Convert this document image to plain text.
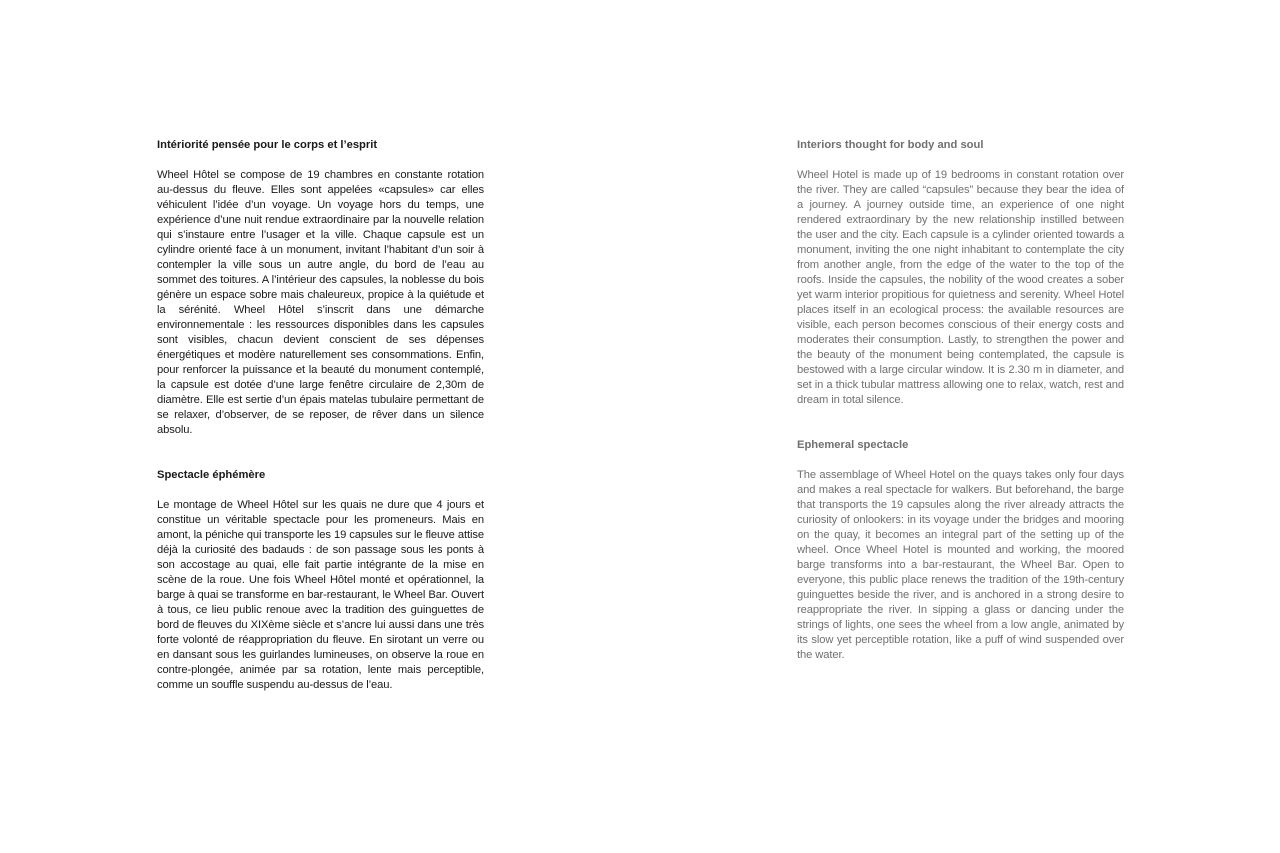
Intériorité pensée pour le corps et l’esprit

Wheel Hôtel se compose de 19 chambres en constante rotation au-dessus du fleuve. Elles sont appelées «capsules» car elles véhiculent l’idée d’un voyage. Un voyage hors du temps, une expérience d’une nuit rendue extraordinaire par la nouvelle relation qui s’instaure entre l’usager et la ville. Chaque capsule est un cylindre orienté face à un monument, invitant l’habitant d’un soir à contempler la ville sous un autre angle, du bord de l’eau au sommet des toitures. A l’intérieur des capsules, la noblesse du bois génère un espace sobre mais chaleureux, propice à la quiétude et la sérénité. Wheel Hôtel s’inscrit dans une démarche environnementale : les ressources disponibles dans les capsules sont visibles, chacun devient conscient de ses dépenses énergétiques et modère naturellement ses consommations. Enfin, pour renforcer la puissance et la beauté du monument contemplé, la capsule est dotée d’une large fenêtre circulaire de 2,30m de diamètre. Elle est sertie d’un épais matelas tubulaire permettant de se relaxer, d’observer, de se reposer, de rêver dans un silence absolu.

Spectacle éphémère

Le montage de Wheel Hôtel sur les quais ne dure que 4 jours et constitue un véritable spectacle pour les promeneurs. Mais en amont, la péniche qui transporte les 19 capsules sur le fleuve attise déjà la curiosité des badauds : de son passage sous les ponts à son accostage au quai, elle fait partie intégrante de la mise en scène de la roue. Une fois Wheel Hôtel monté et opérationnel, la barge à quai se transforme en bar-restaurant, le Wheel Bar. Ouvert à tous, ce lieu public renoue avec la tradition des guinguettes de bord de fleuves du XIXème siècle et s’ancre lui aussi dans une très forte volonté de réappropriation du fleuve. En sirotant un verre ou en dansant sous les guirlandes lumineuses, on observe la roue en contre-plongée, animée par sa rotation, lente mais perceptible, comme un souffle suspendu au-dessus de l’eau.

Interiors thought for body and soul

Wheel Hotel is made up of 19 bedrooms in constant rotation over the river. They are called “capsules” because they bear the idea of a journey. A journey outside time, an experience of one night rendered extraordinary by the new relationship instilled between the user and the city. Each capsule is a cylinder oriented towards a monument, inviting the one night inhabitant to contemplate the city from another angle, from the edge of the water to the top of the roofs. Inside the capsules, the nobility of the wood creates a sober yet warm interior propitious for quietness and serenity. Wheel Hotel places itself in an ecological process: the available resources are visible, each person becomes conscious of their energy costs and moderates their consumption. Lastly, to strengthen the power and the beauty of the monument being contemplated, the capsule is bestowed with a large circular window. It is 2.30 m in diameter, and set in a thick tubular mattress allowing one to relax, watch, rest and dream in total silence.

Ephemeral spectacle

The assemblage of Wheel Hotel on the quays takes only four days and makes a real spectacle for walkers. But beforehand, the barge that transports the 19 capsules along the river already attracts the curiosity of onlookers: in its voyage under the bridges and mooring on the quay, it becomes an integral part of the setting up of the wheel. Once Wheel Hotel is mounted and working, the moored barge transforms into a bar-restaurant, the Wheel Bar. Open to everyone, this public place renews the tradition of the 19th-century guinguettes beside the river, and is anchored in a strong desire to reappropriate the river. In sipping a glass or dancing under the strings of lights, one sees the wheel from a low angle, animated by its slow yet perceptible rotation, like a puff of wind suspended over the water.
